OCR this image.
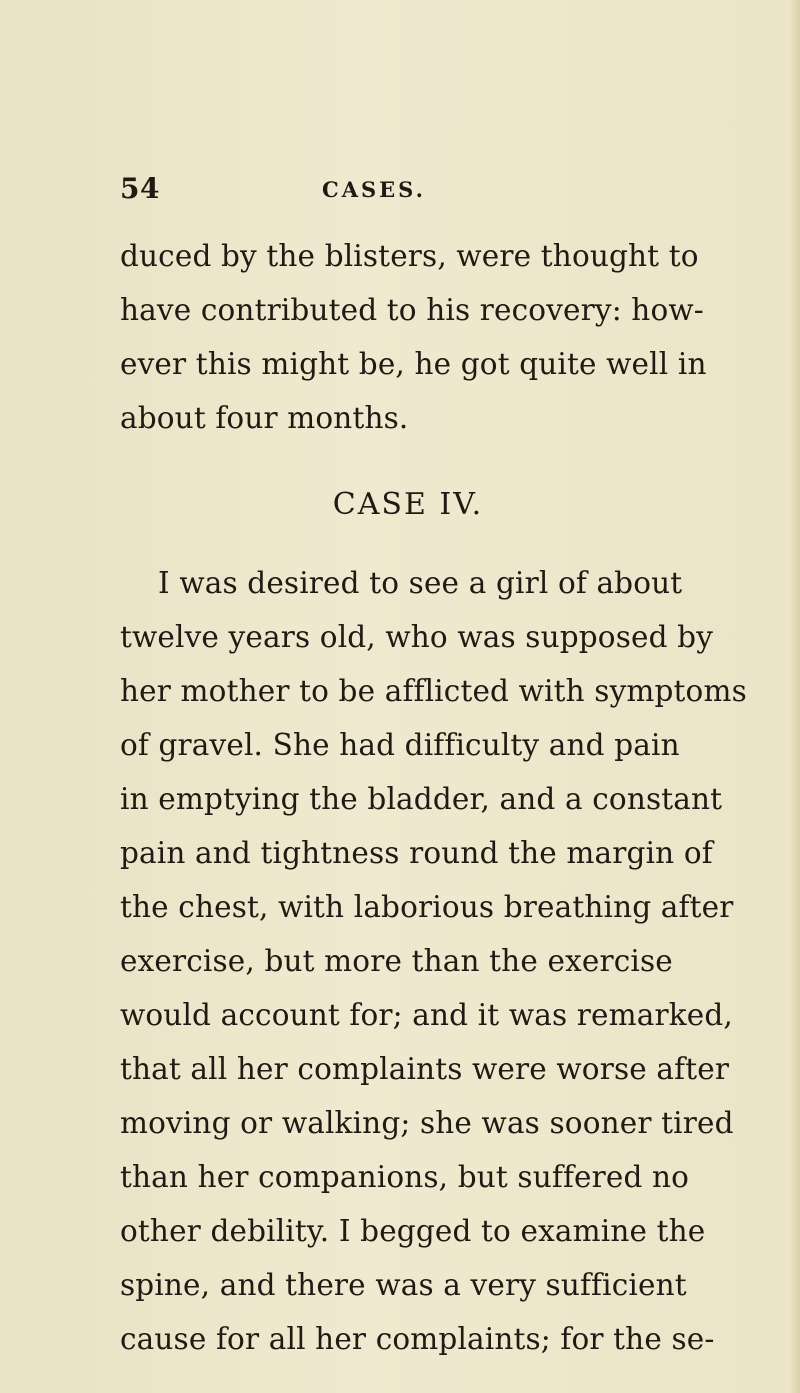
54	CASES.
duced by the blisters, were thought to
have contributed to his recovery: how-
ever this might be, he got quite well in
about four months.
CASE IV.
I was desired to see a girl of about
twelve years old, who was supposed by
her mother to be afflicted with symptoms
of gravel. She had difficulty and pain
in emptying the bladder, and a constant
pain and tightness round the margin of
the chest, with laborious breathing after
exercise, but more than the exercise
would account for; and it was remarked,
that all her complaints were worse after
moving or walking; she was sooner tired
than her companions, but suffered no
other debility. I begged to examine the
spine, and there was a very sufficient
cause for all her complaints; for the se-
